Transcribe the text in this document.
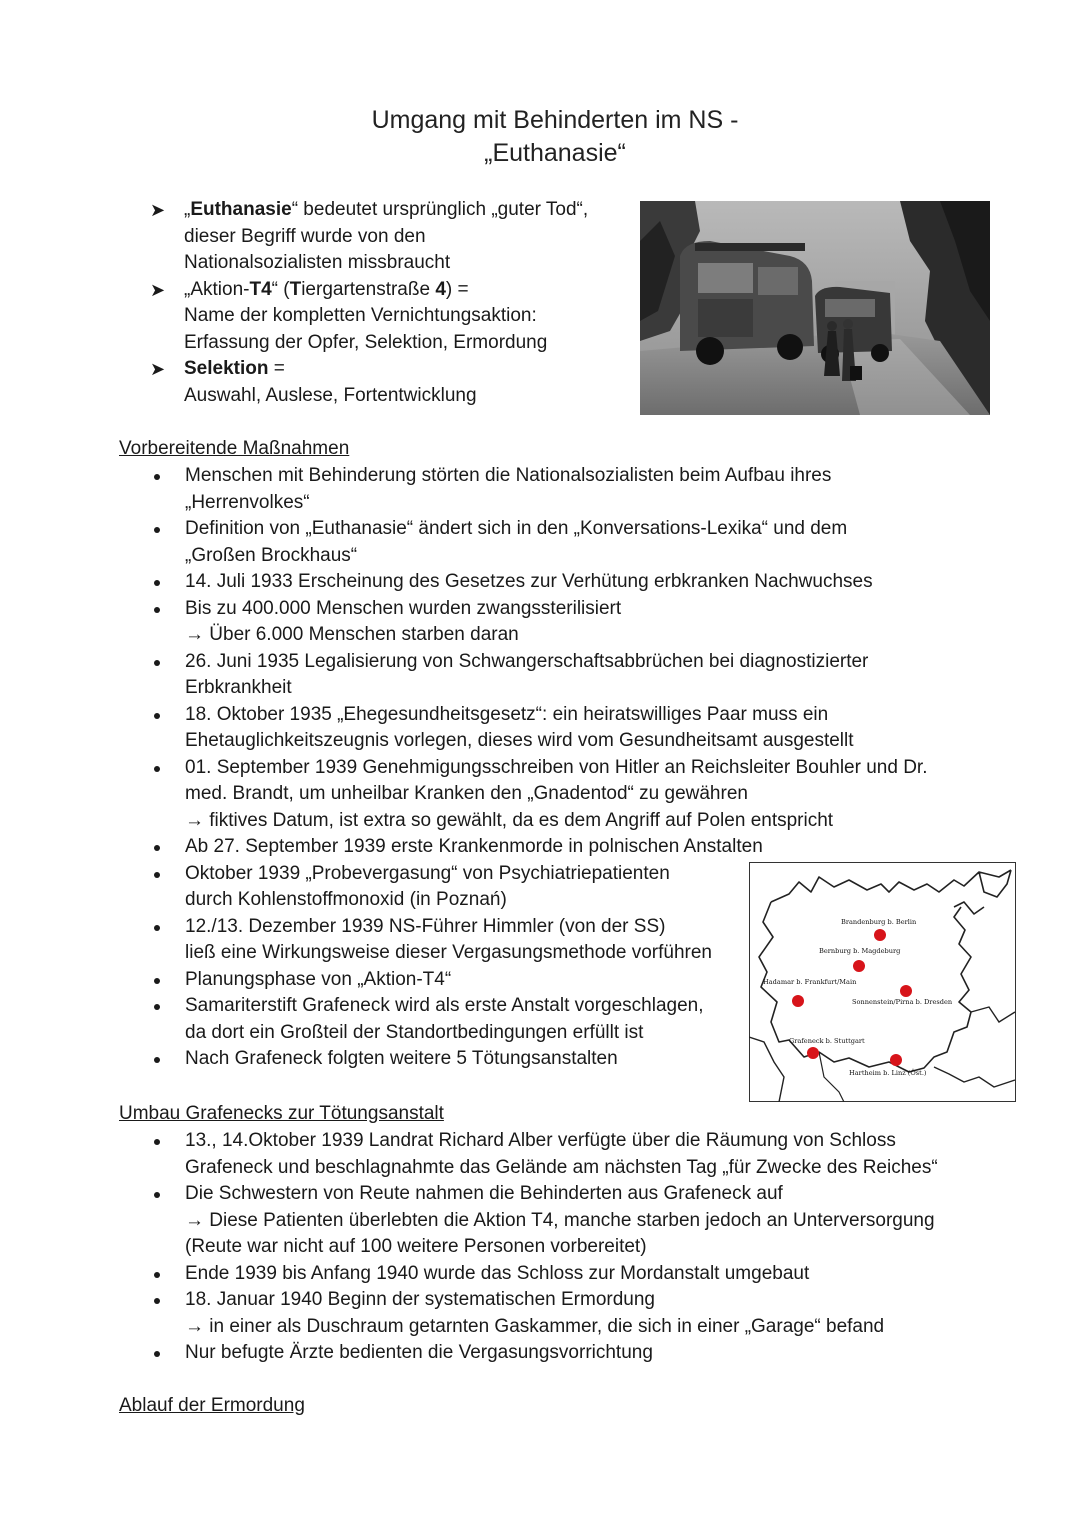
Umgang mit Behinderten im NS -
„Euthanasie“
➤ „Euthanasie“ bedeutet ursprünglich „guter Tod“,
dieser Begriff wurde von den
Nationalsozialisten missbraucht
➤ „Aktion-T4“ (Tiergartenstraße 4) =
Name der kompletten Vernichtungsaktion:
Erfassung der Opfer, Selektion, Ermordung
➤ Selektion =
Auswahl, Auslese, Fortentwicklung
Vorbereitende Maßnahmen
Menschen mit Behinderung störten die Nationalsozialisten beim Aufbau ihres
„Herrenvolkes“
Definition von „Euthanasie“ ändert sich in den „Konversations-Lexika“ und dem
„Großen Brockhaus“
14. Juli 1933 Erscheinung des Gesetzes zur Verhütung erbkranken Nachwuchses
Bis zu 400.000 Menschen wurden zwangssterilisiert
→ Über 6.000 Menschen starben daran
26. Juni 1935 Legalisierung von Schwangerschaftsabbrüchen bei diagnostizierter
Erbkrankheit
18. Oktober 1935 „Ehegesundheitsgesetz“: ein heiratswilliges Paar muss ein
Ehetauglichkeitszeugnis vorlegen, dieses wird vom Gesundheitsamt ausgestellt
01. September 1939 Genehmigungsschreiben von Hitler an Reichsleiter Bouhler und Dr.
med. Brandt, um unheilbar Kranken den „Gnadentod“ zu gewähren
→ fiktives Datum, ist extra so gewählt, da es dem Angriff auf Polen entspricht
Ab 27. September 1939 erste Krankenmorde in polnischen Anstalten
Oktober 1939 „Probevergasung“ von Psychiatriepatienten
durch Kohlenstoffmonoxid (in Poznań)
12./13. Dezember 1939 NS-Führer Himmler (von der SS)
ließ eine Wirkungsweise dieser Vergasungsmethode vorführen
Planungsphase von „Aktion-T4“
Samariterstift Grafeneck wird als erste Anstalt vorgeschlagen,
da dort ein Großteil der Standortbedingungen erfüllt ist
Nach Grafeneck folgten weitere 5 Tötungsanstalten
Brandenburg b. Berlin
Bernburg b. Magdeburg
Hadamar b. Frankfurt/Main
Sonnenstein/Pirna b. Dresden
Grafeneck b. Stuttgart
Hartheim b. Linz (Öst.)
Umbau Grafenecks zur Tötungsanstalt
13., 14.Oktober 1939 Landrat Richard Alber verfügte über die Räumung von Schloss
Grafeneck und beschlagnahmte das Gelände am nächsten Tag „für Zwecke des Reiches“
Die Schwestern von Reute nahmen die Behinderten aus Grafeneck auf
→ Diese Patienten überlebten die Aktion T4, manche starben jedoch an Unterversorgung
(Reute war nicht auf 100 weitere Personen vorbereitet)
Ende 1939 bis Anfang 1940 wurde das Schloss zur Mordanstalt umgebaut
18. Januar 1940 Beginn der systematischen Ermordung
→ in einer als Duschraum getarnten Gaskammer, die sich in einer „Garage“ befand
Nur befugte Ärzte bedienten die Vergasungsvorrichtung
Ablauf der Ermordung
